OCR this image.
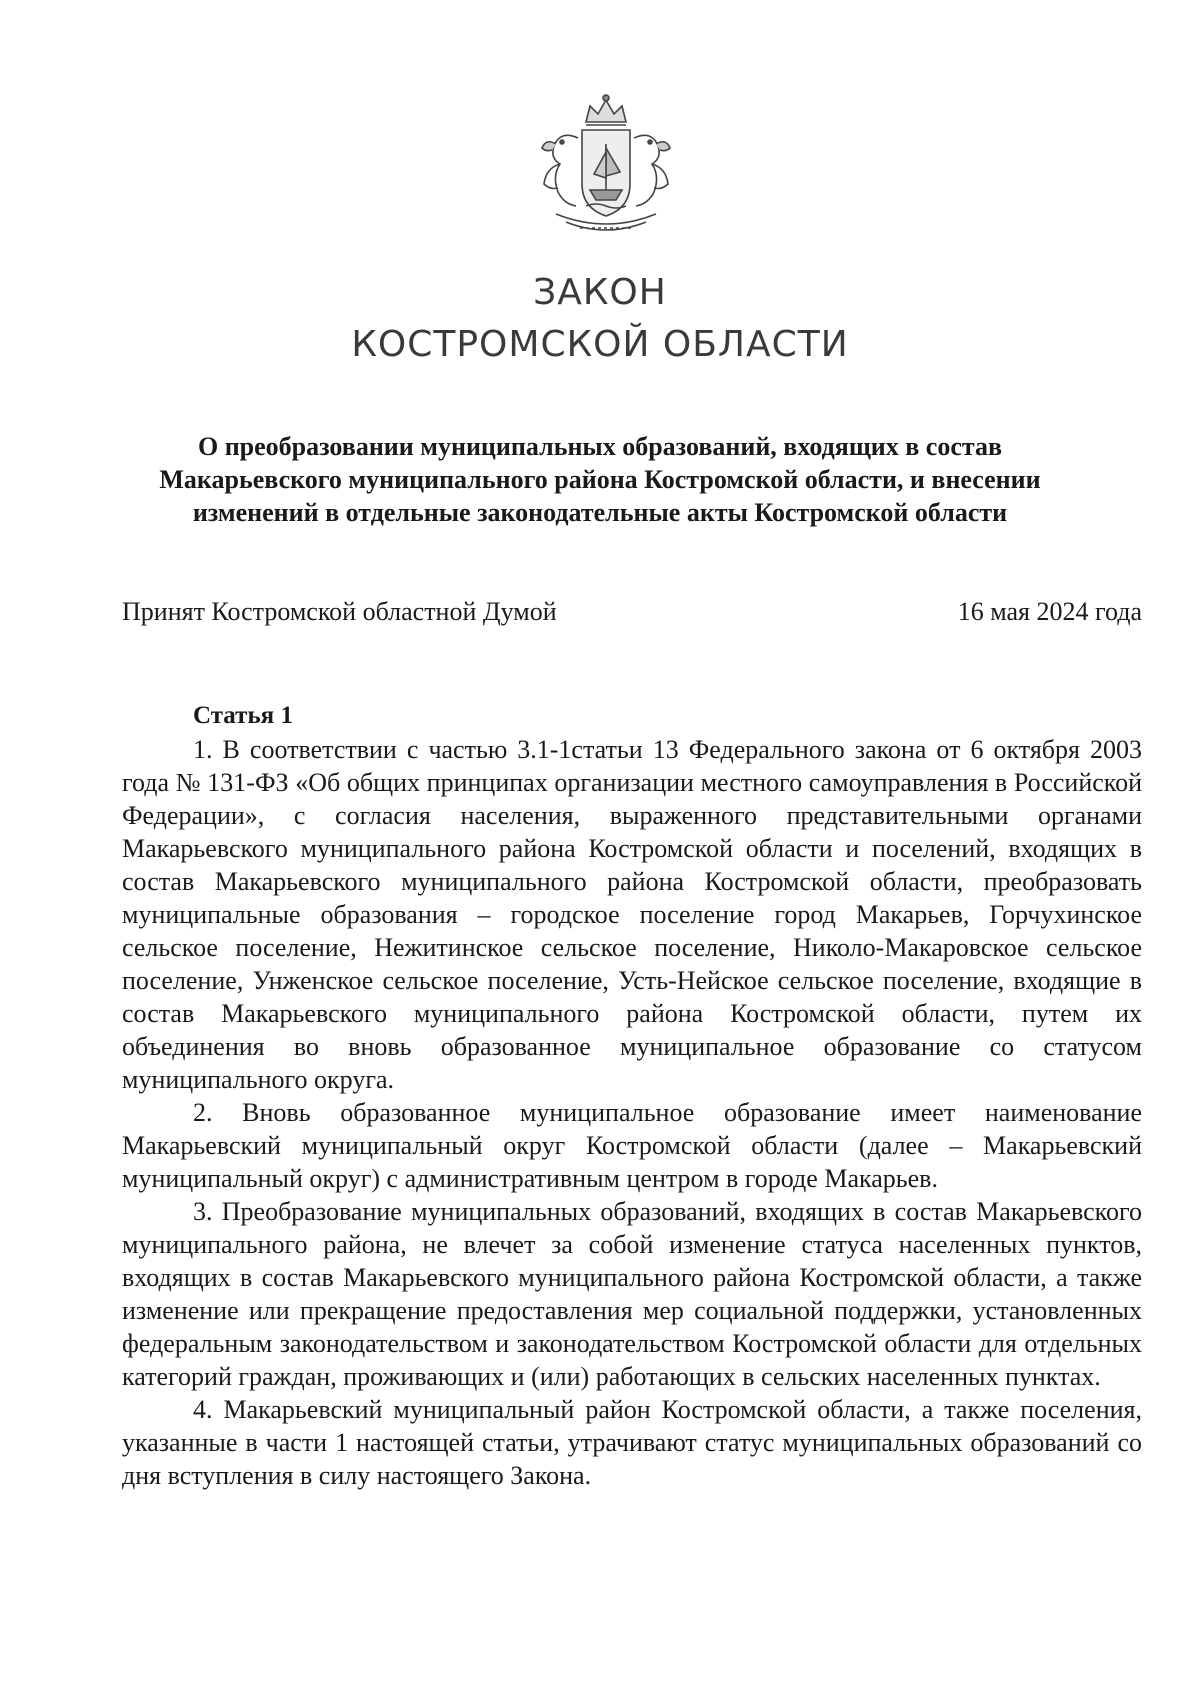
ЗАКОН
КОСТРОМСКОЙ ОБЛАСТИ
О преобразовании муниципальных образований, входящих в состав
Макарьевского муниципального района Костромской области, и внесении
изменений в отдельные законодательные акты Костромской области
Принят Костромской областной Думой	16 мая 2024 года
Статья 1

1. В соответствии с частью 3.1-1статьи 13 Федерального закона от 6 октября 2003 года № 131-ФЗ «Об общих принципах организации местного самоуправления в Российской Федерации», с согласия населения, выраженного представительными органами Макарьевского муниципального района Костромской области и поселений, входящих в состав Макарьевского муниципального района Костромской области, преобразовать муниципальные образования – городское поселение город Макарьев, Горчухинское сельское поселение, Нежитинское сельское поселение, Николо-Макаровское сельское поселение, Унженское сельское поселение, Усть-Нейское сельское поселение, входящие в состав Макарьевского муниципального района Костромской области, путем их объединения во вновь образованное муниципальное образование со статусом муниципального округа.

2. Вновь образованное муниципальное образование имеет наименование Макарьевский муниципальный округ Костромской области (далее – Макарьевский муниципальный округ) с административным центром в городе Макарьев.

3. Преобразование муниципальных образований, входящих в состав Макарьевского муниципального района, не влечет за собой изменение статуса населенных пунктов, входящих в состав Макарьевского муниципального района Костромской области, а также изменение или прекращение предоставления мер социальной поддержки, установленных федеральным законодательством и законодательством Костромской области для отдельных категорий граждан, проживающих и (или) работающих в сельских населенных пунктах.

4. Макарьевский муниципальный район Костромской области, а также поселения, указанные в части 1 настоящей статьи, утрачивают статус муниципальных образований со дня вступления в силу настоящего Закона.
